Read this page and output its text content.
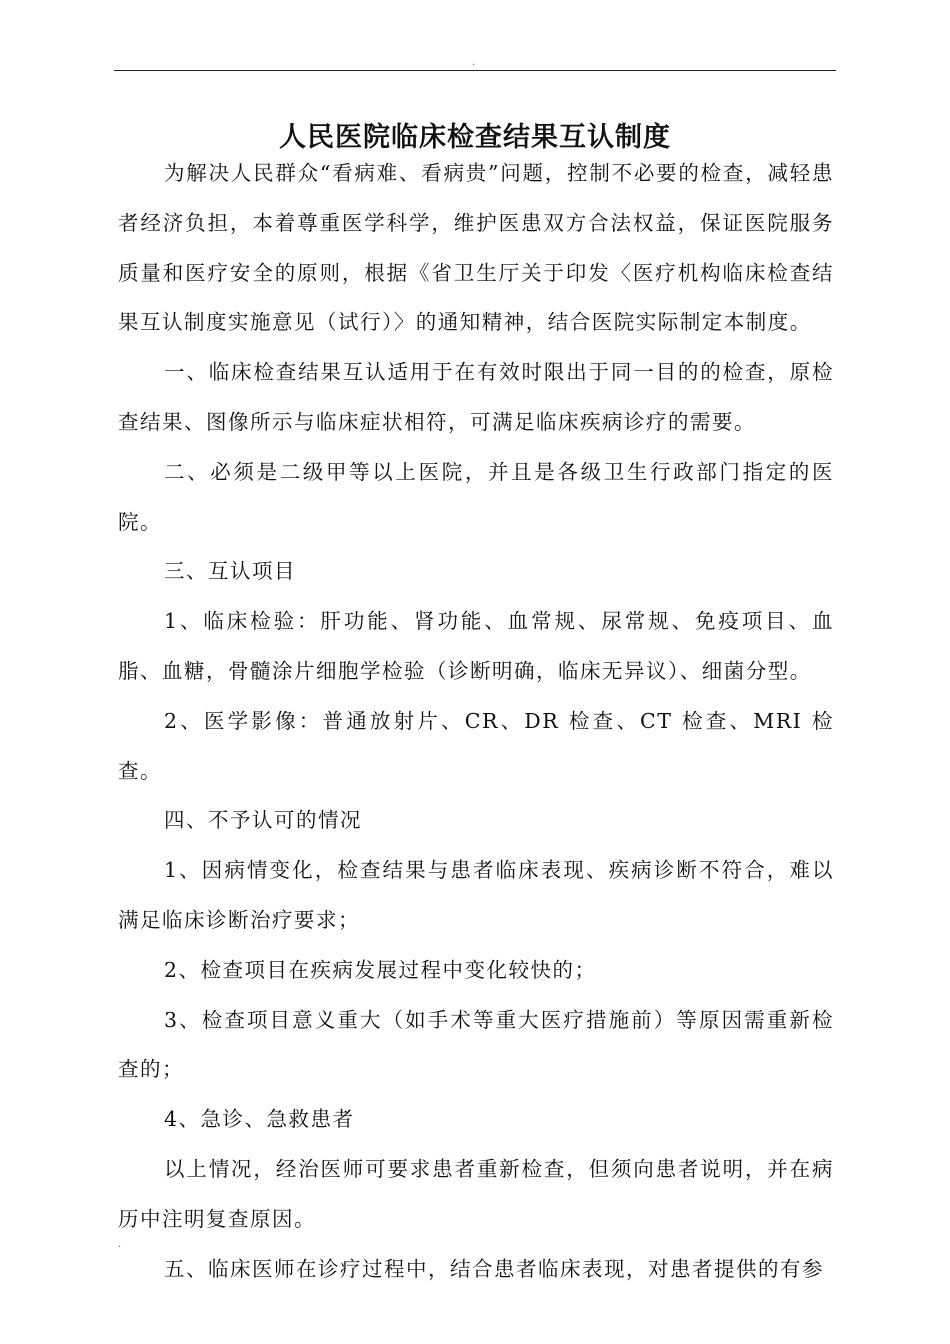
.
人民医院临床检查结果互认制度

为解决人民群众“看病难、看病贵”问题，控制不必要的检查，减轻患者经济负担，本着尊重医学科学，维护医患双方合法权益，保证医院服务质量和医疗安全的原则，根据《省卫生厅关于印发〈医疗机构临床检查结果互认制度实施意见（试行）〉的通知精神，结合医院实际制定本制度。

一、临床检查结果互认适用于在有效时限出于同一目的的检查，原检查结果、图像所示与临床症状相符，可满足临床疾病诊疗的需要。

二、必须是二级甲等以上医院，并且是各级卫生行政部门指定的医院。

三、互认项目

1、临床检验：肝功能、肾功能、血常规、尿常规、免疫项目、血脂、血糖，骨髓涂片细胞学检验（诊断明确，临床无异议）、细菌分型。

2、医学影像：普通放射片、CR、DR 检查、CT 检查、MRI 检查。

四、不予认可的情况

1、因病情变化，检查结果与患者临床表现、疾病诊断不符合，难以满足临床诊断治疗要求；

2、检查项目在疾病发展过程中变化较快的；

3、检查项目意义重大（如手术等重大医疗措施前）等原因需重新检查的；

4、急诊、急救患者

以上情况，经治医师可要求患者重新检查，但须向患者说明，并在病历中注明复查原因。

五、临床医师在诊疗过程中，结合患者临床表现，对患者提供的有参

.
